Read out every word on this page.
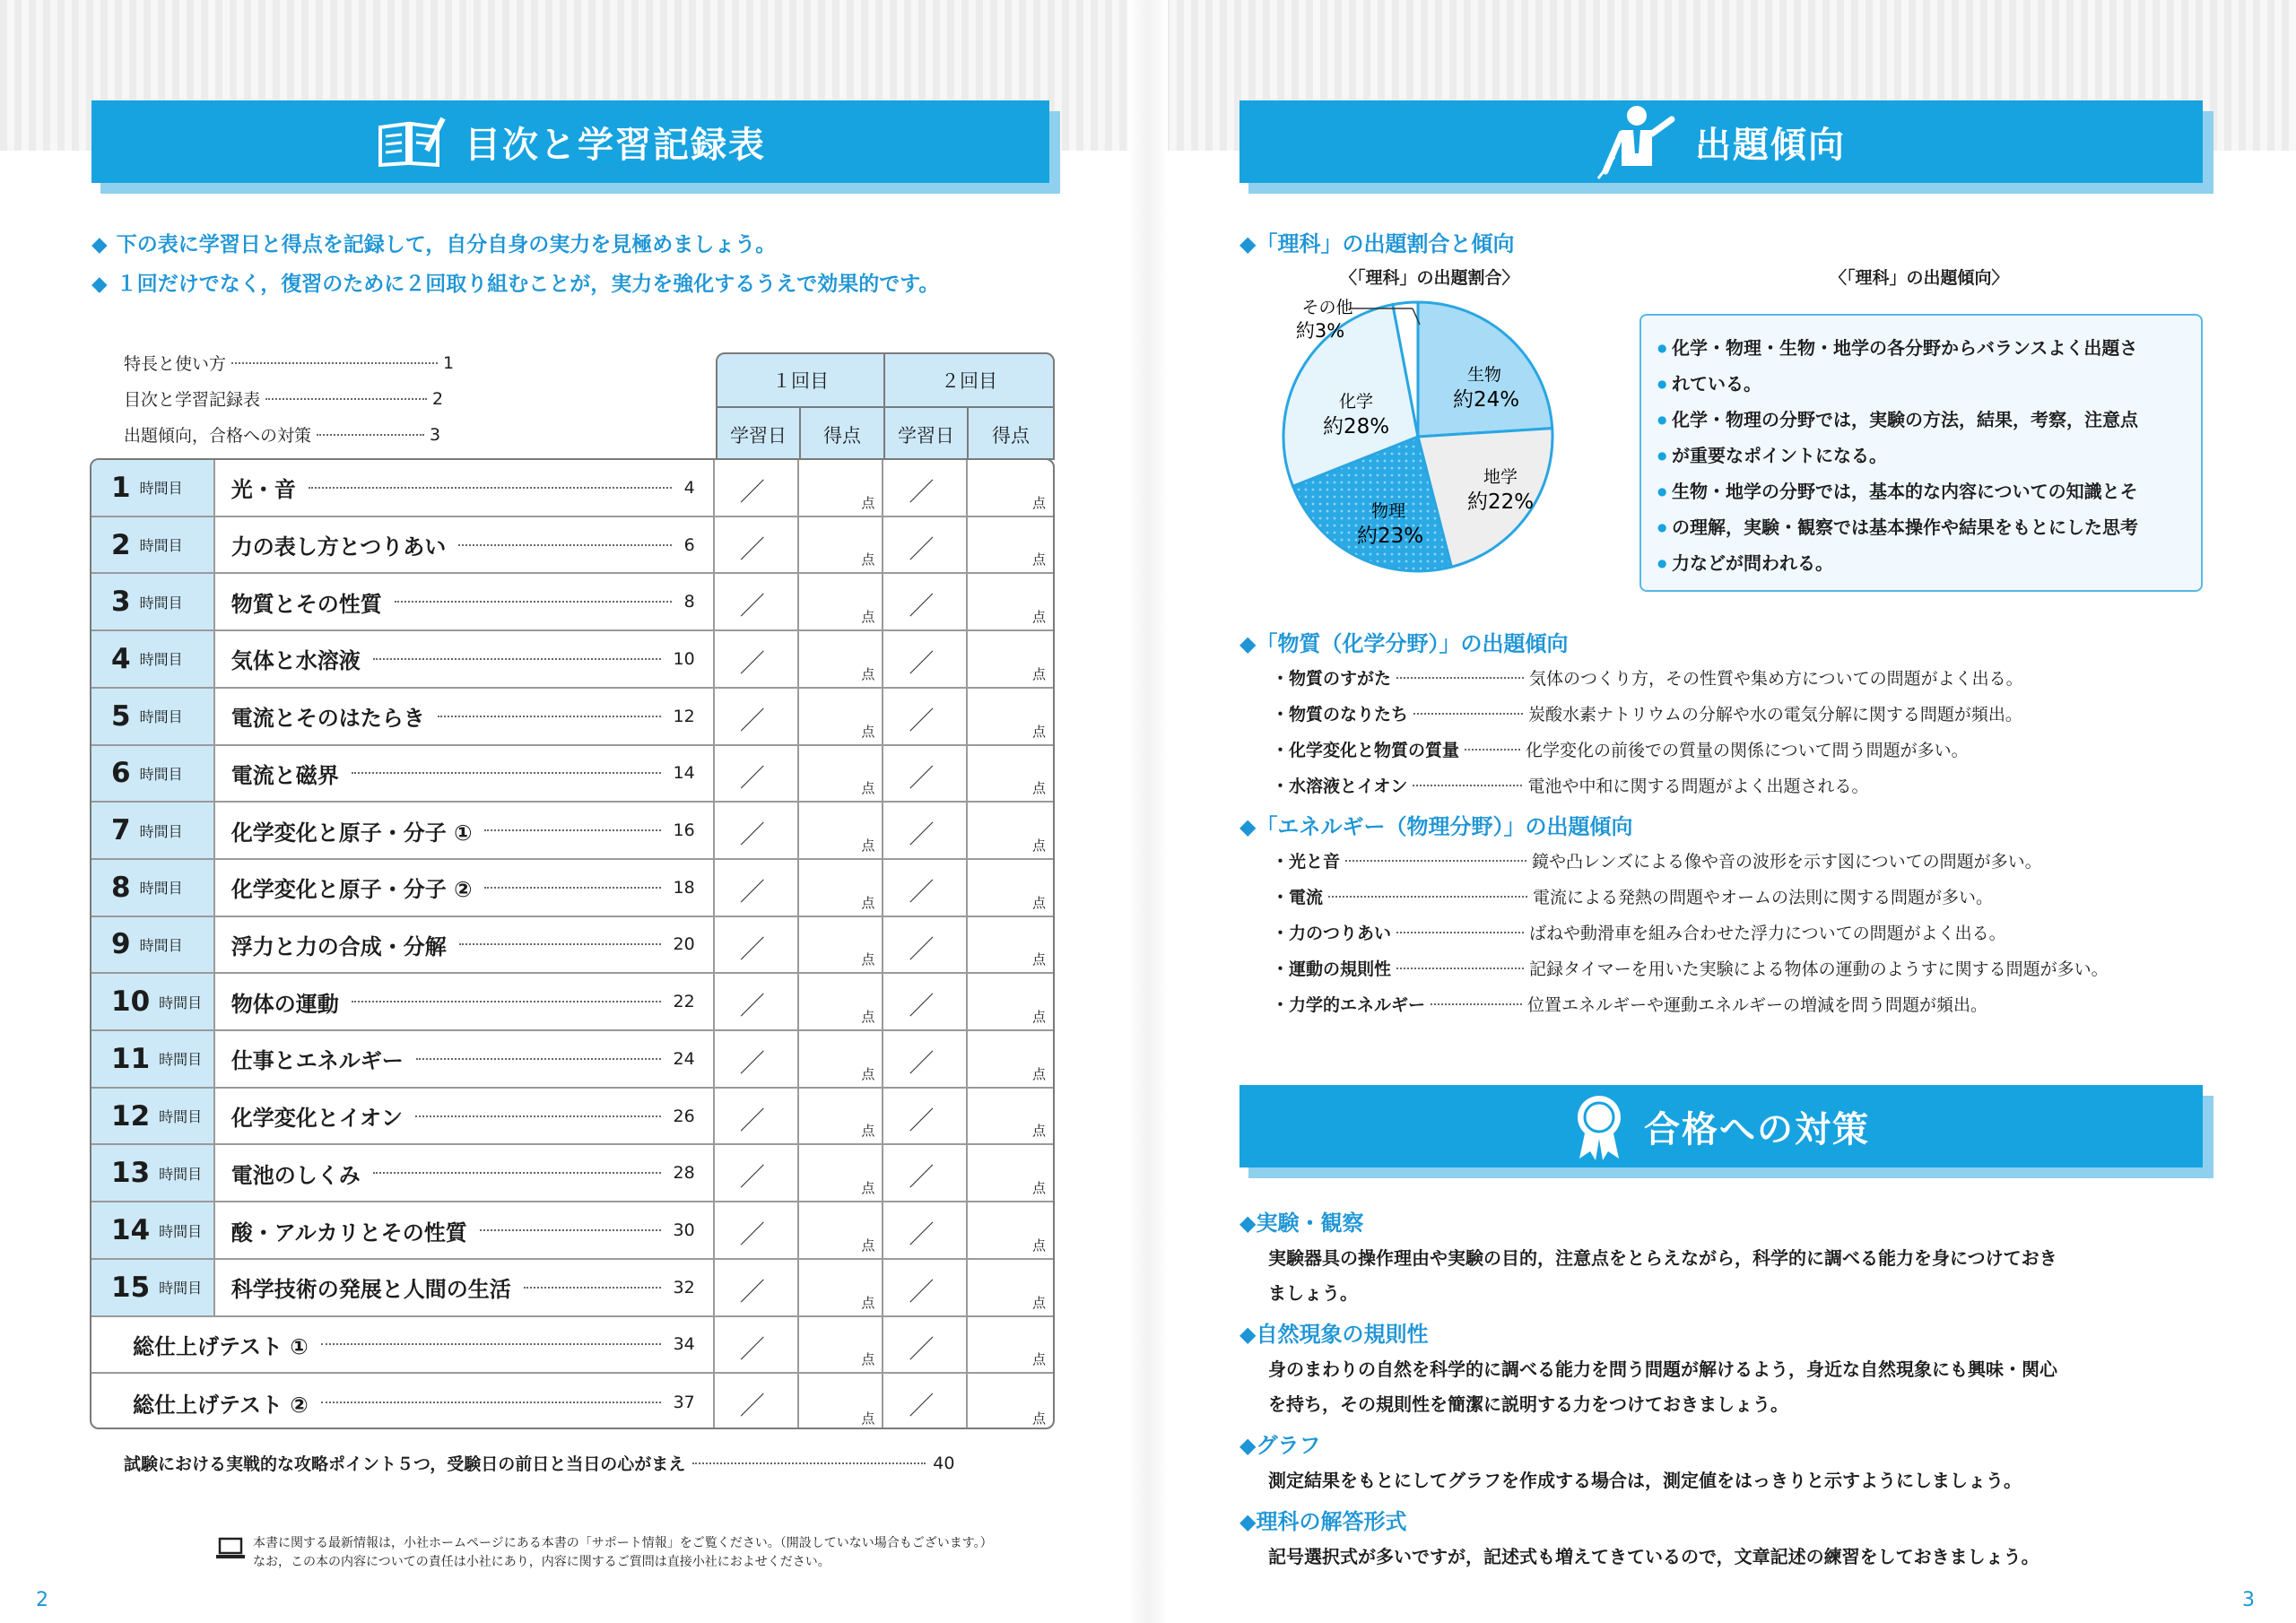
目次と学習記録表
◆ 下の表に学習日と得点を記録して，自分自身の実力を見極めましょう。
◆ １回だけでなく，復習のために２回取り組むことが，実力を強化するうえで効果的です。
特長と使い方	1
目次と学習記録表	2
出題傾向，合格への対策	3
１回目	２回目
学習日	得点	学習日	得点
1 時間目 光・音	4 ／	点 ／	点
2 時間目 力の表し方とつりあい	6 ／	点 ／	点
3 時間目 物質とその性質	8 ／	点 ／	点
4 時間目 気体と水溶液	10 ／	点 ／	点
5 時間目 電流とそのはたらき	12 ／	点 ／	点
6 時間目 電流と磁界	14 ／	点 ／	点
7 時間目 化学変化と原子・分子 ①	16 ／	点 ／	点
8 時間目 化学変化と原子・分子 ②	18 ／	点 ／	点
9 時間目 浮力と力の合成・分解	20 ／	点 ／	点
10 時間目 物体の運動	22 ／	点 ／	点
11 時間目 仕事とエネルギー	24 ／	点 ／	点
12 時間目 化学変化とイオン	26 ／	点 ／	点
13 時間目 電池のしくみ	28 ／	点 ／	点
14 時間目 酸・アルカリとその性質	30 ／	点 ／	点
15 時間目 科学技術の発展と人間の生活	32 ／	点 ／	点
総仕上げテスト ①	34 ／	点 ／	点
総仕上げテスト ②	37 ／	点 ／	点
試験における実戦的な攻略ポイント５つ，受験日の前日と当日の心がまえ	40
本書に関する最新情報は，小社ホームページにある本書の「サポート情報」をご覧ください。（開設していない場合もございます。）
なお，この本の内容についての責任は小社にあり，内容に関するご質問は直接小社におよせください。
2
出題傾向
◆「理科」の出題割合と傾向
〈「理科」の出題割合〉	〈「理科」の出題傾向〉
その他
約3%
生物
約24%
地学
約22%
物理
約23%
化学
約28%
● 化学・物理・生物・地学の各分野からバランスよく出題さ
● れている。
● 化学・物理の分野では，実験の方法，結果，考察，注意点
● が重要なポイントになる。
● 生物・地学の分野では，基本的な内容についての知識とそ
● の理解，実験・観察では基本操作や結果をもとにした思考
● 力などが問われる。
◆「物質（化学分野）」の出題傾向
・物質のすがた	気体のつくり方，その性質や集め方についての問題がよく出る。
・物質のなりたち	炭酸水素ナトリウムの分解や水の電気分解に関する問題が頻出。
・化学変化と物質の質量	化学変化の前後での質量の関係について問う問題が多い。
・水溶液とイオン	電池や中和に関する問題がよく出題される。
◆「エネルギー（物理分野）」の出題傾向
・光と音	鏡や凸レンズによる像や音の波形を示す図についての問題が多い。
・電流	電流による発熱の問題やオームの法則に関する問題が多い。
・力のつりあい	ばねや動滑車を組み合わせた浮力についての問題がよく出る。
・運動の規則性	記録タイマーを用いた実験による物体の運動のようすに関する問題が多い。
・力学的エネルギー	位置エネルギーや運動エネルギーの増減を問う問題が頻出。
合格への対策
◆実験・観察
実験器具の操作理由や実験の目的，注意点をとらえながら，科学的に調べる能力を身につけておき
ましょう。
◆自然現象の規則性
身のまわりの自然を科学的に調べる能力を問う問題が解けるよう，身近な自然現象にも興味・関心
を持ち，その規則性を簡潔に説明する力をつけておきましょう。
◆グラフ
測定結果をもとにしてグラフを作成する場合は，測定値をはっきりと示すようにしましょう。
◆理科の解答形式
記号選択式が多いですが，記述式も増えてきているので，文章記述の練習をしておきましょう。
3
